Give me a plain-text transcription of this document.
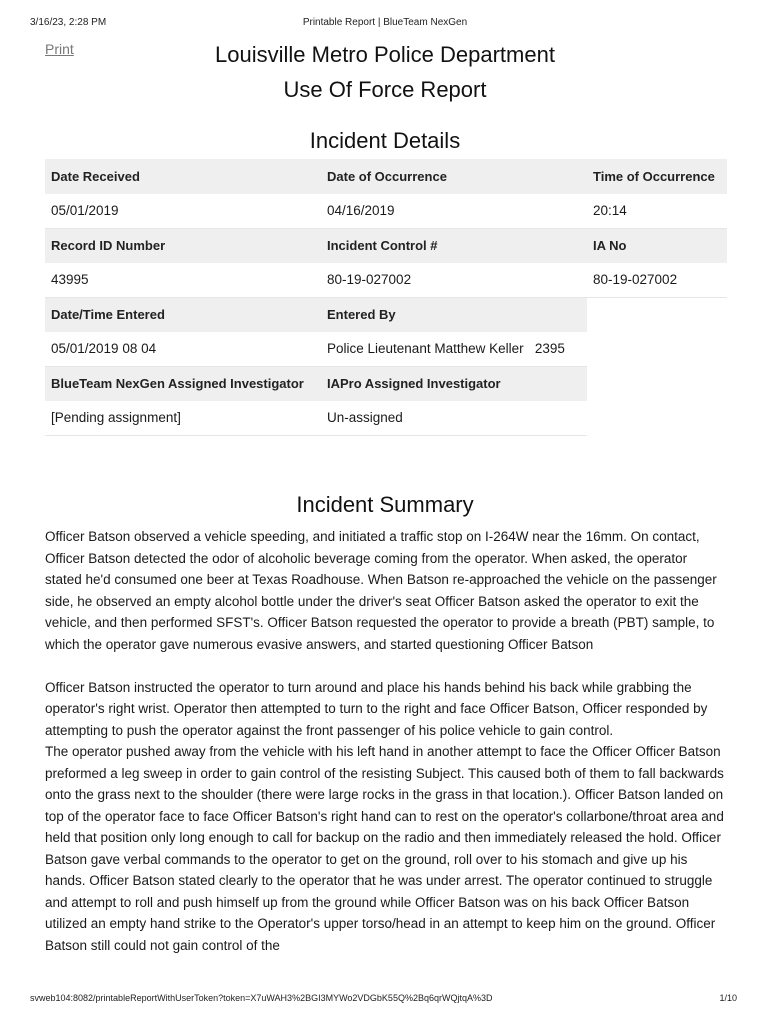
3/16/23, 2:28 PM	Printable Report | BlueTeam NexGen
Print	Louisville Metro Police Department
Use Of Force Report
Incident Details
Date Received	Date of Occurrence	Time of Occurrence
05/01/2019	04/16/2019	20:14
Record ID Number	Incident Control #	IA No
43995	80-19-027002	80-19-027002
Date/Time Entered	Entered By	
05/01/2019 08 04	Police Lieutenant Matthew Keller   2395	
BlueTeam NexGen Assigned Investigator	IAPro Assigned Investigator	
[Pending assignment]	Un-assigned	
Incident Summary

Officer Batson observed a vehicle speeding, and initiated a traffic stop on I-264W near the 16mm. On contact, Officer Batson detected the odor of alcoholic beverage coming from the operator. When asked, the operator stated he'd consumed one beer at Texas Roadhouse. When Batson re-approached the vehicle on the passenger side, he observed an empty alcohol bottle under the driver's seat Officer Batson asked the operator to exit the vehicle, and then performed SFST's. Officer Batson requested the operator to provide a breath (PBT) sample, to which the operator gave numerous evasive answers, and started questioning Officer Batson

Officer Batson instructed the operator to turn around and place his hands behind his back while grabbing the operator's right wrist. Operator then attempted to turn to the right and face Officer Batson, Officer responded by attempting to push the operator against the front passenger of his police vehicle to gain control.
The operator pushed away from the vehicle with his left hand in another attempt to face the Officer Officer Batson preformed a leg sweep in order to gain control of the resisting Subject. This caused both of them to fall backwards onto the grass next to the shoulder (there were large rocks in the grass in that location.). Officer Batson landed on top of the operator face to face Officer Batson's right hand can to rest on the operator's collarbone/throat area and held that position only long enough to call for backup on the radio and then immediately released the hold. Officer Batson gave verbal commands to the operator to get on the ground, roll over to his stomach and give up his hands. Officer Batson stated clearly to the operator that he was under arrest. The operator continued to struggle and attempt to roll and push himself up from the ground while Officer Batson was on his back Officer Batson utilized an empty hand strike to the Operator's upper torso/head in an attempt to keep him on the ground. Officer Batson still could not gain control of the

svweb104:8082/printableReportWithUserToken?token=X7uWAH3%2BGI3MYWo2VDGbK55Q%2Bq6qrWQjtqA%3D	1/10
